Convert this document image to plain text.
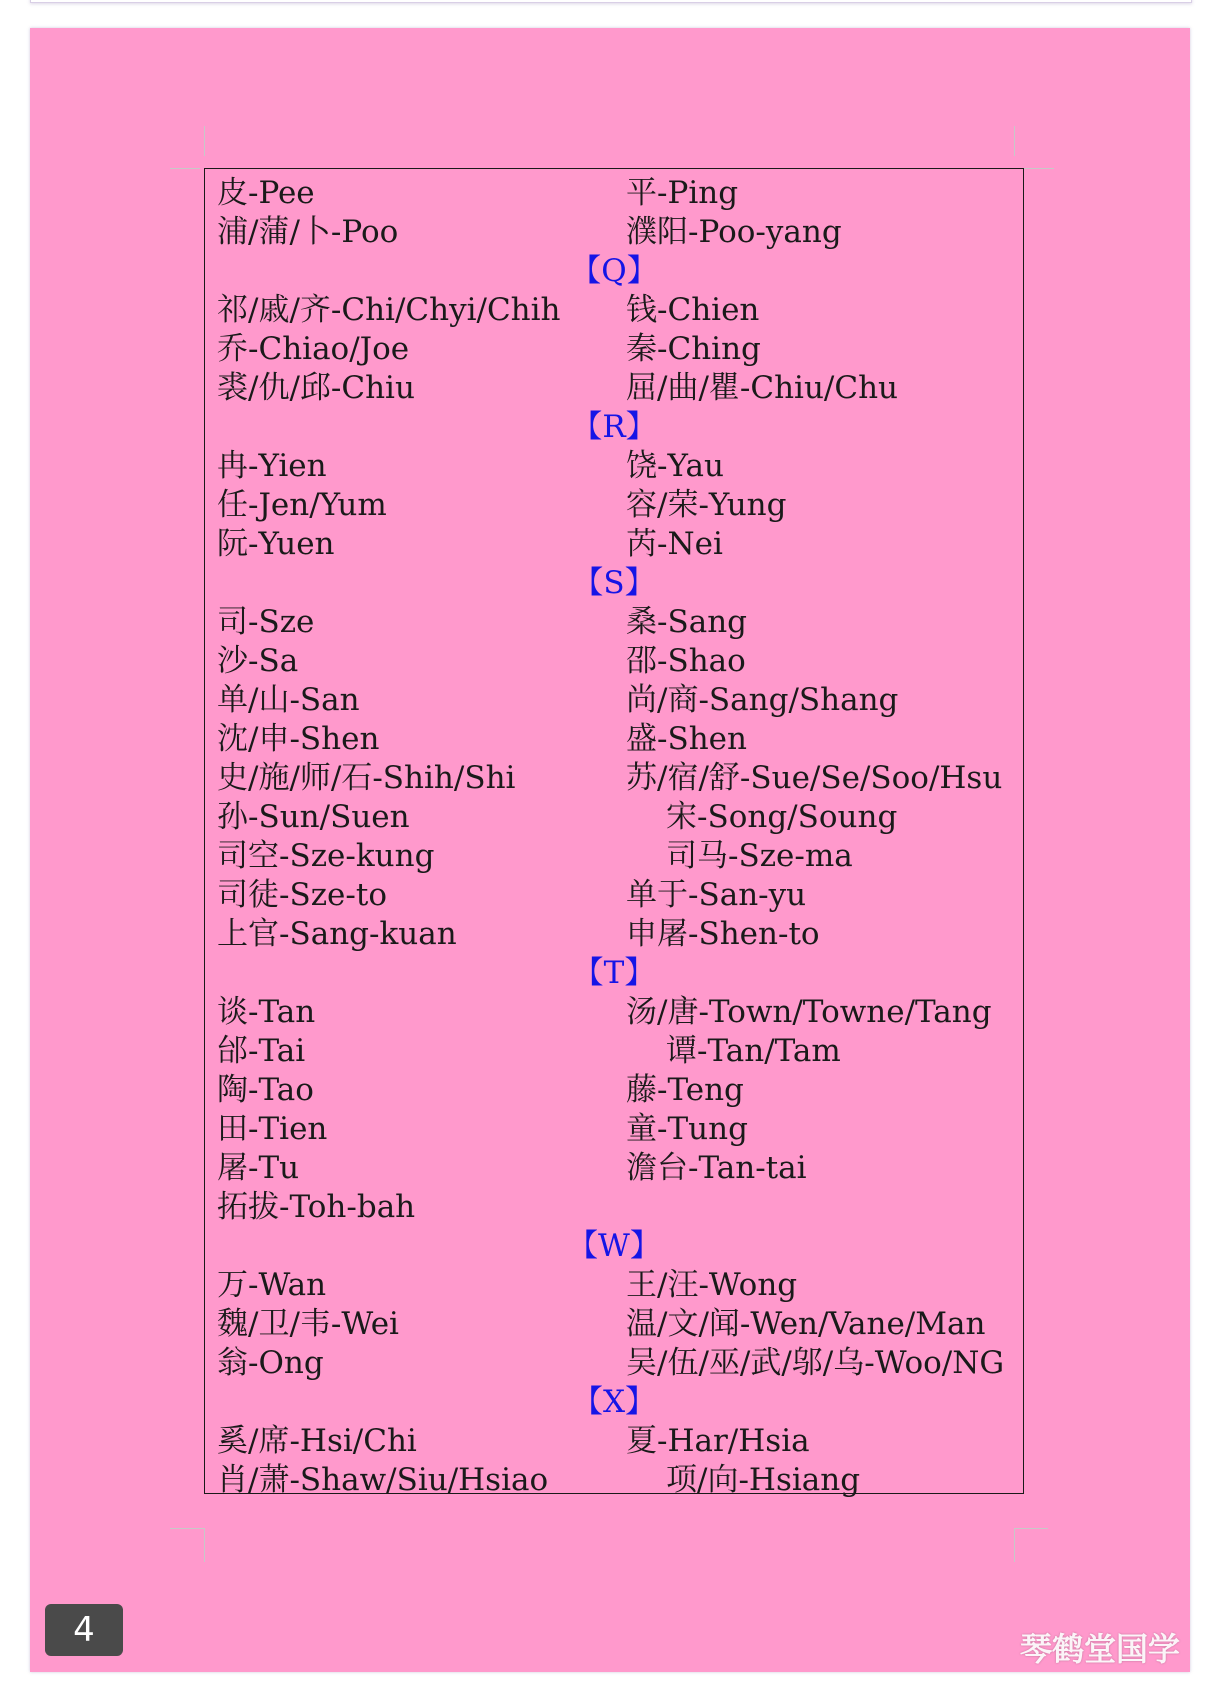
皮-Pee	平-Ping
浦/蒲/卜-Poo	濮阳-Poo-yang
【Q】
祁/戚/齐-Chi/Chyi/Chih 钱-Chien
乔-Chiao/Joe	秦-Ching
裘/仇/邱-Chiu	屈/曲/瞿-Chiu/Chu
【R】
冉-Yien	饶-Yau
任-Jen/Yum	容/荣-Yung
阮-Yuen	芮-Nei
【S】
司-Sze	桑-Sang
沙-Sa	邵-Shao
单/山-San	尚/商-Sang/Shang
沈/申-Shen	盛-Shen
史/施/师/石-Shih/Shi	苏/宿/舒-Sue/Se/Soo/Hsu
孙-Sun/Suen	宋-Song/Soung
司空-Sze-kung	司马-Sze-ma
司徒-Sze-to	单于-San-yu
上官-Sang-kuan	申屠-Shen-to
【T】
谈-Tan	汤/唐-Town/Towne/Tang
邰-Tai	谭-Tan/Tam
陶-Tao	藤-Teng
田-Tien	童-Tung
屠-Tu	澹台-Tan-tai
拓拔-Toh-bah
【W】
万-Wan	王/汪-Wong
魏/卫/韦-Wei	温/文/闻-Wen/Vane/Man
翁-Ong	吴/伍/巫/武/邬/乌-Woo/NG
【X】
奚/席-Hsi/Chi	夏-Har/Hsia
肖/萧-Shaw/Siu/Hsiao	项/向-Hsiang
4	琴鹤堂国学
